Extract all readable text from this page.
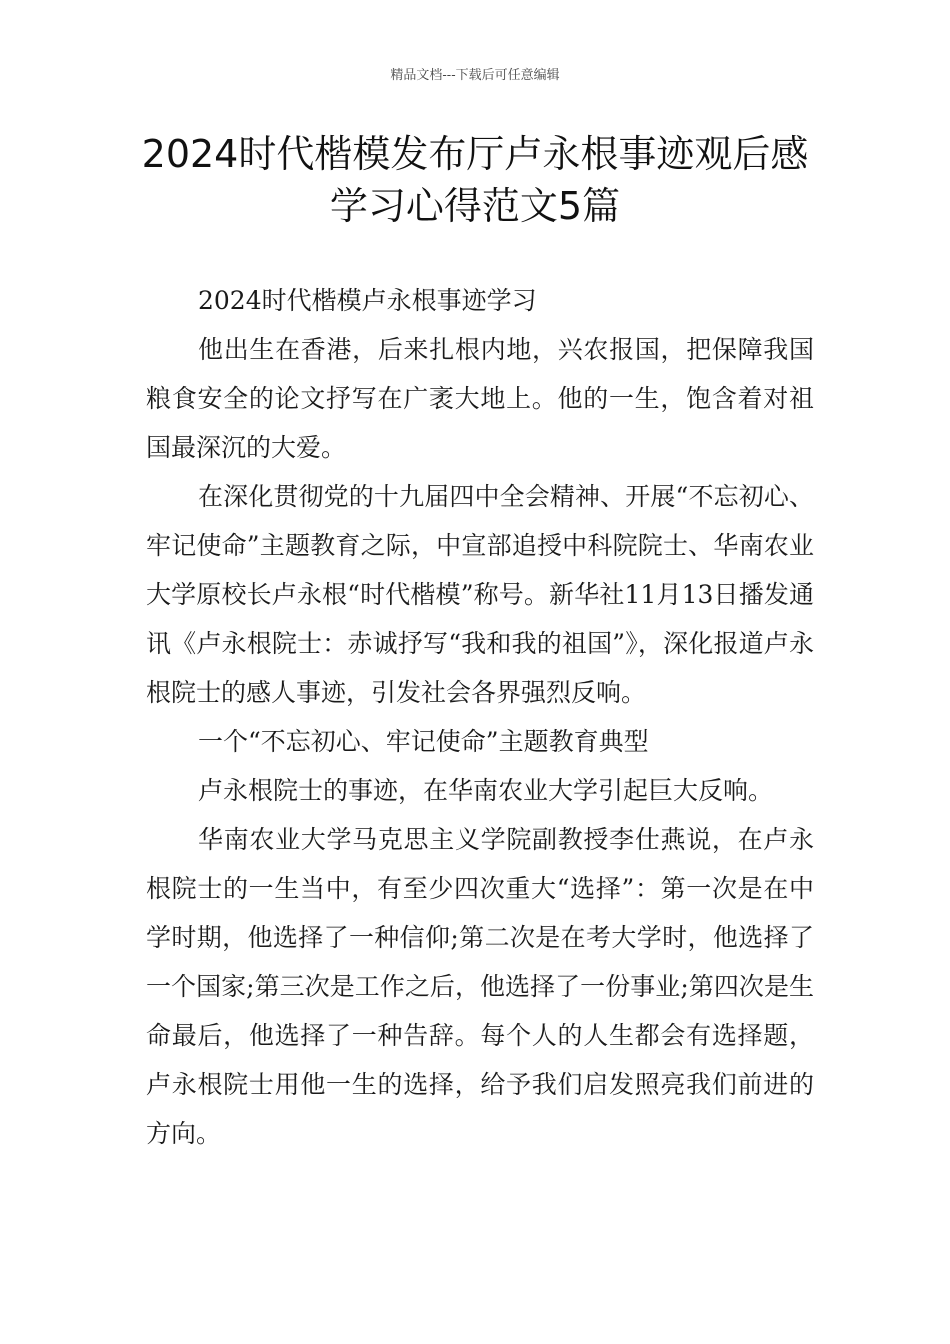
精品文档---下载后可任意编辑
2024时代楷模发布厅卢永根事迹观后感
学习心得范文5篇

2024时代楷模卢永根事迹学习

他出生在香港，后来扎根内地，兴农报国，把保障我国粮食安全的论文抒写在广袤大地上。他的一生，饱含着对祖国最深沉的大爱。

在深化贯彻党的十九届四中全会精神、开展“不忘初心、牢记使命”主题教育之际，中宣部追授中科院院士、华南农业大学原校长卢永根“时代楷模”称号。新华社11月13日播发通讯《卢永根院士：赤诚抒写“我和我的祖国”》，深化报道卢永根院士的感人事迹，引发社会各界强烈反响。

一个“不忘初心、牢记使命”主题教育典型

卢永根院士的事迹，在华南农业大学引起巨大反响。

华南农业大学马克思主义学院副教授李仕燕说，在卢永根院士的一生当中，有至少四次重大“选择”：第一次是在中学时期，他选择了一种信仰;第二次是在考大学时，他选择了一个国家;第三次是工作之后，他选择了一份事业;第四次是生命最后，他选择了一种告辞。每个人的人生都会有选择题，卢永根院士用他一生的选择，给予我们启发照亮我们前进的方向。
